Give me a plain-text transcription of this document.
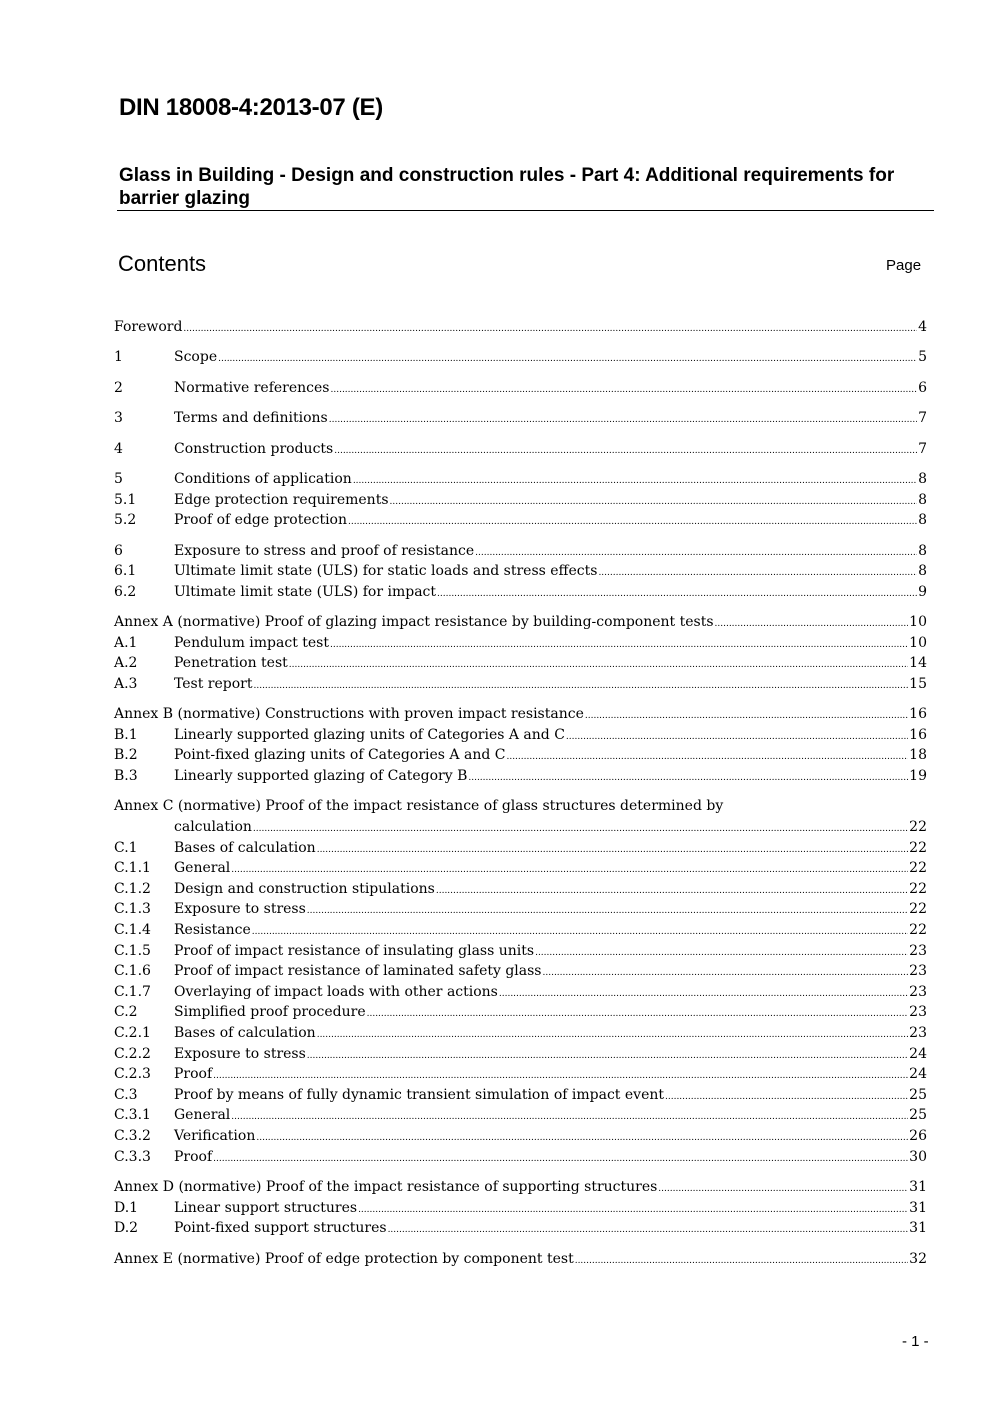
DIN 18008-4:2013-07 (E)
Glass in Building - Design and construction rules - Part 4: Additional requirements for barrier glazing
Contents	Page
Foreword .....	4
1	Scope .....	5
2	Normative references .....	6
3	Terms and definitions .....	7
4	Construction products .....	7
5	Conditions of application .....	8
5.1	Edge protection requirements .....	8
5.2	Proof of edge protection .....	8
6	Exposure to stress and proof of resistance .....	8
6.1	Ultimate limit state (ULS) for static loads and stress effects .....	8
6.2	Ultimate limit state (ULS) for impact .....	9
Annex A (normative) Proof of glazing impact resistance by building-component tests .....	10
A.1	Pendulum impact test .....	10
A.2	Penetration test .....	14
A.3	Test report .....	15
Annex B (normative) Constructions with proven impact resistance .....	16
B.1	Linearly supported glazing units of Categories A and C .....	16
B.2	Point-fixed glazing units of Categories A and C .....	18
B.3	Linearly supported glazing of Category B .....	19
Annex C (normative) Proof of the impact resistance of glass structures determined by
calculation .....	22
C.1	Bases of calculation .....	22
C.1.1	General .....	22
C.1.2	Design and construction stipulations .....	22
C.1.3	Exposure to stress .....	22
C.1.4	Resistance .....	22
C.1.5	Proof of impact resistance of insulating glass units .....	23
C.1.6	Proof of impact resistance of laminated safety glass .....	23
C.1.7	Overlaying of impact loads with other actions .....	23
C.2	Simplified proof procedure .....	23
C.2.1	Bases of calculation .....	23
C.2.2	Exposure to stress .....	24
C.2.3	Proof .....	24
C.3	Proof by means of fully dynamic transient simulation of impact event .....	25
C.3.1	General .....	25
C.3.2	Verification .....	26
C.3.3	Proof .....	30
Annex D (normative) Proof of the impact resistance of supporting structures .....	31
D.1	Linear support structures .....	31
D.2	Point-fixed support structures .....	31
Annex E (normative) Proof of edge protection by component test .....	32
- 1 -
